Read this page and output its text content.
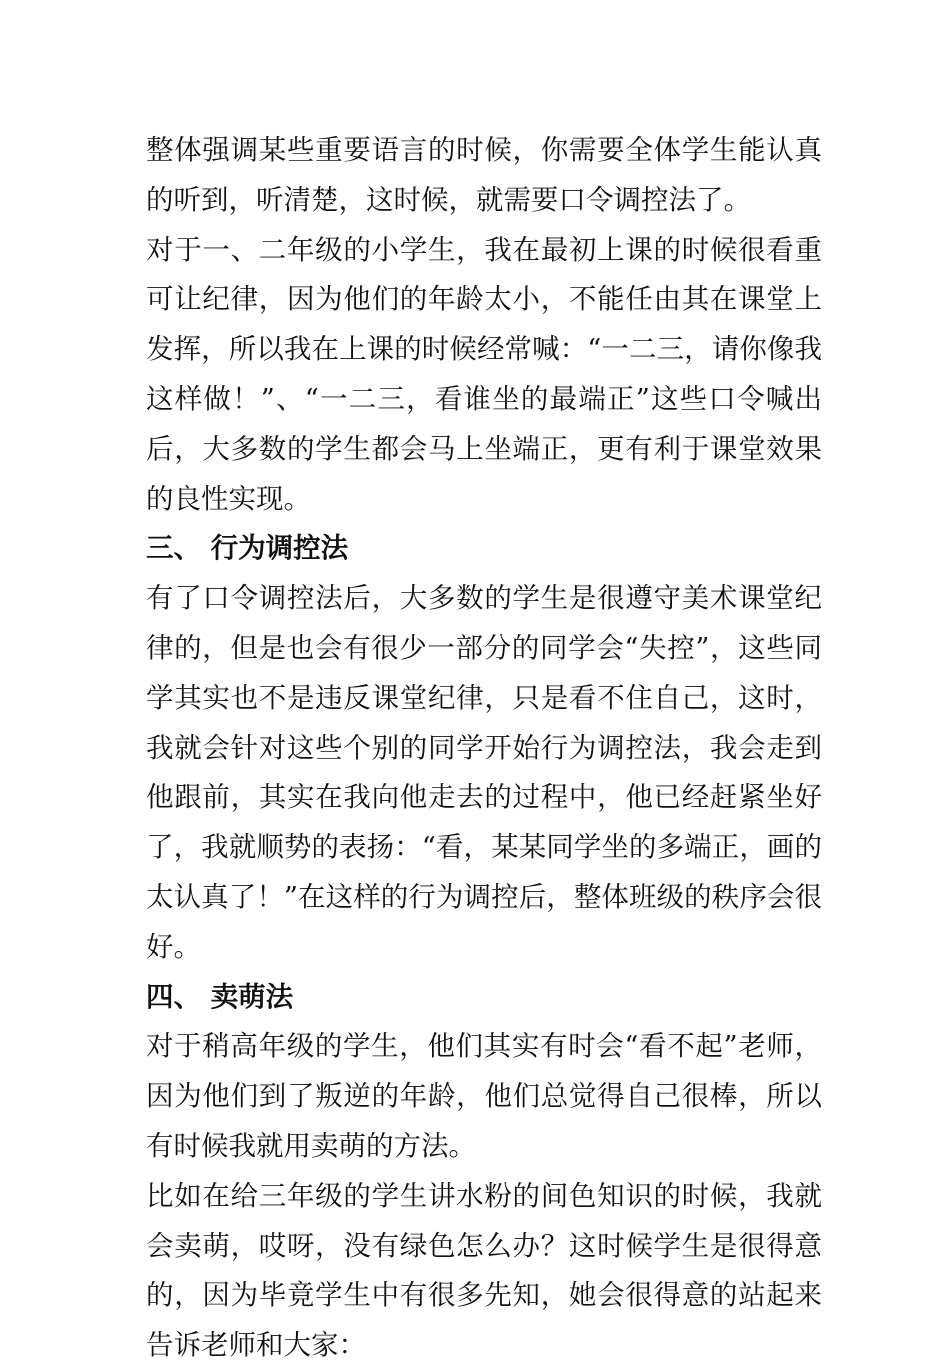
整体强调某些重要语言的时候，你需要全体学生能认真的听到，听清楚，这时候，就需要口令调控法了。

对于一、二年级的小学生，我在最初上课的时候很看重可让纪律，因为他们的年龄太小，不能任由其在课堂上发挥，所以我在上课的时候经常喊：“一二三，请你像我这样做！”、“一二三，看谁坐的最端正”这些口令喊出后，大多数的学生都会马上坐端正，更有利于课堂效果的良性实现。

三、 行为调控法

有了口令调控法后，大多数的学生是很遵守美术课堂纪律的，但是也会有很少一部分的同学会“失控”，这些同学其实也不是违反课堂纪律，只是看不住自己，这时，我就会针对这些个别的同学开始行为调控法，我会走到他跟前，其实在我向他走去的过程中，他已经赶紧坐好了，我就顺势的表扬：“看，某某同学坐的多端正，画的太认真了！”在这样的行为调控后，整体班级的秩序会很好。

四、 卖萌法

对于稍高年级的学生，他们其实有时会“看不起”老师，因为他们到了叛逆的年龄，他们总觉得自己很棒，所以有时候我就用卖萌的方法。

比如在给三年级的学生讲水粉的间色知识的时候，我就会卖萌，哎呀，没有绿色怎么办？这时候学生是很得意的，因为毕竟学生中有很多先知，她会很得意的站起来告诉老师和大家：
